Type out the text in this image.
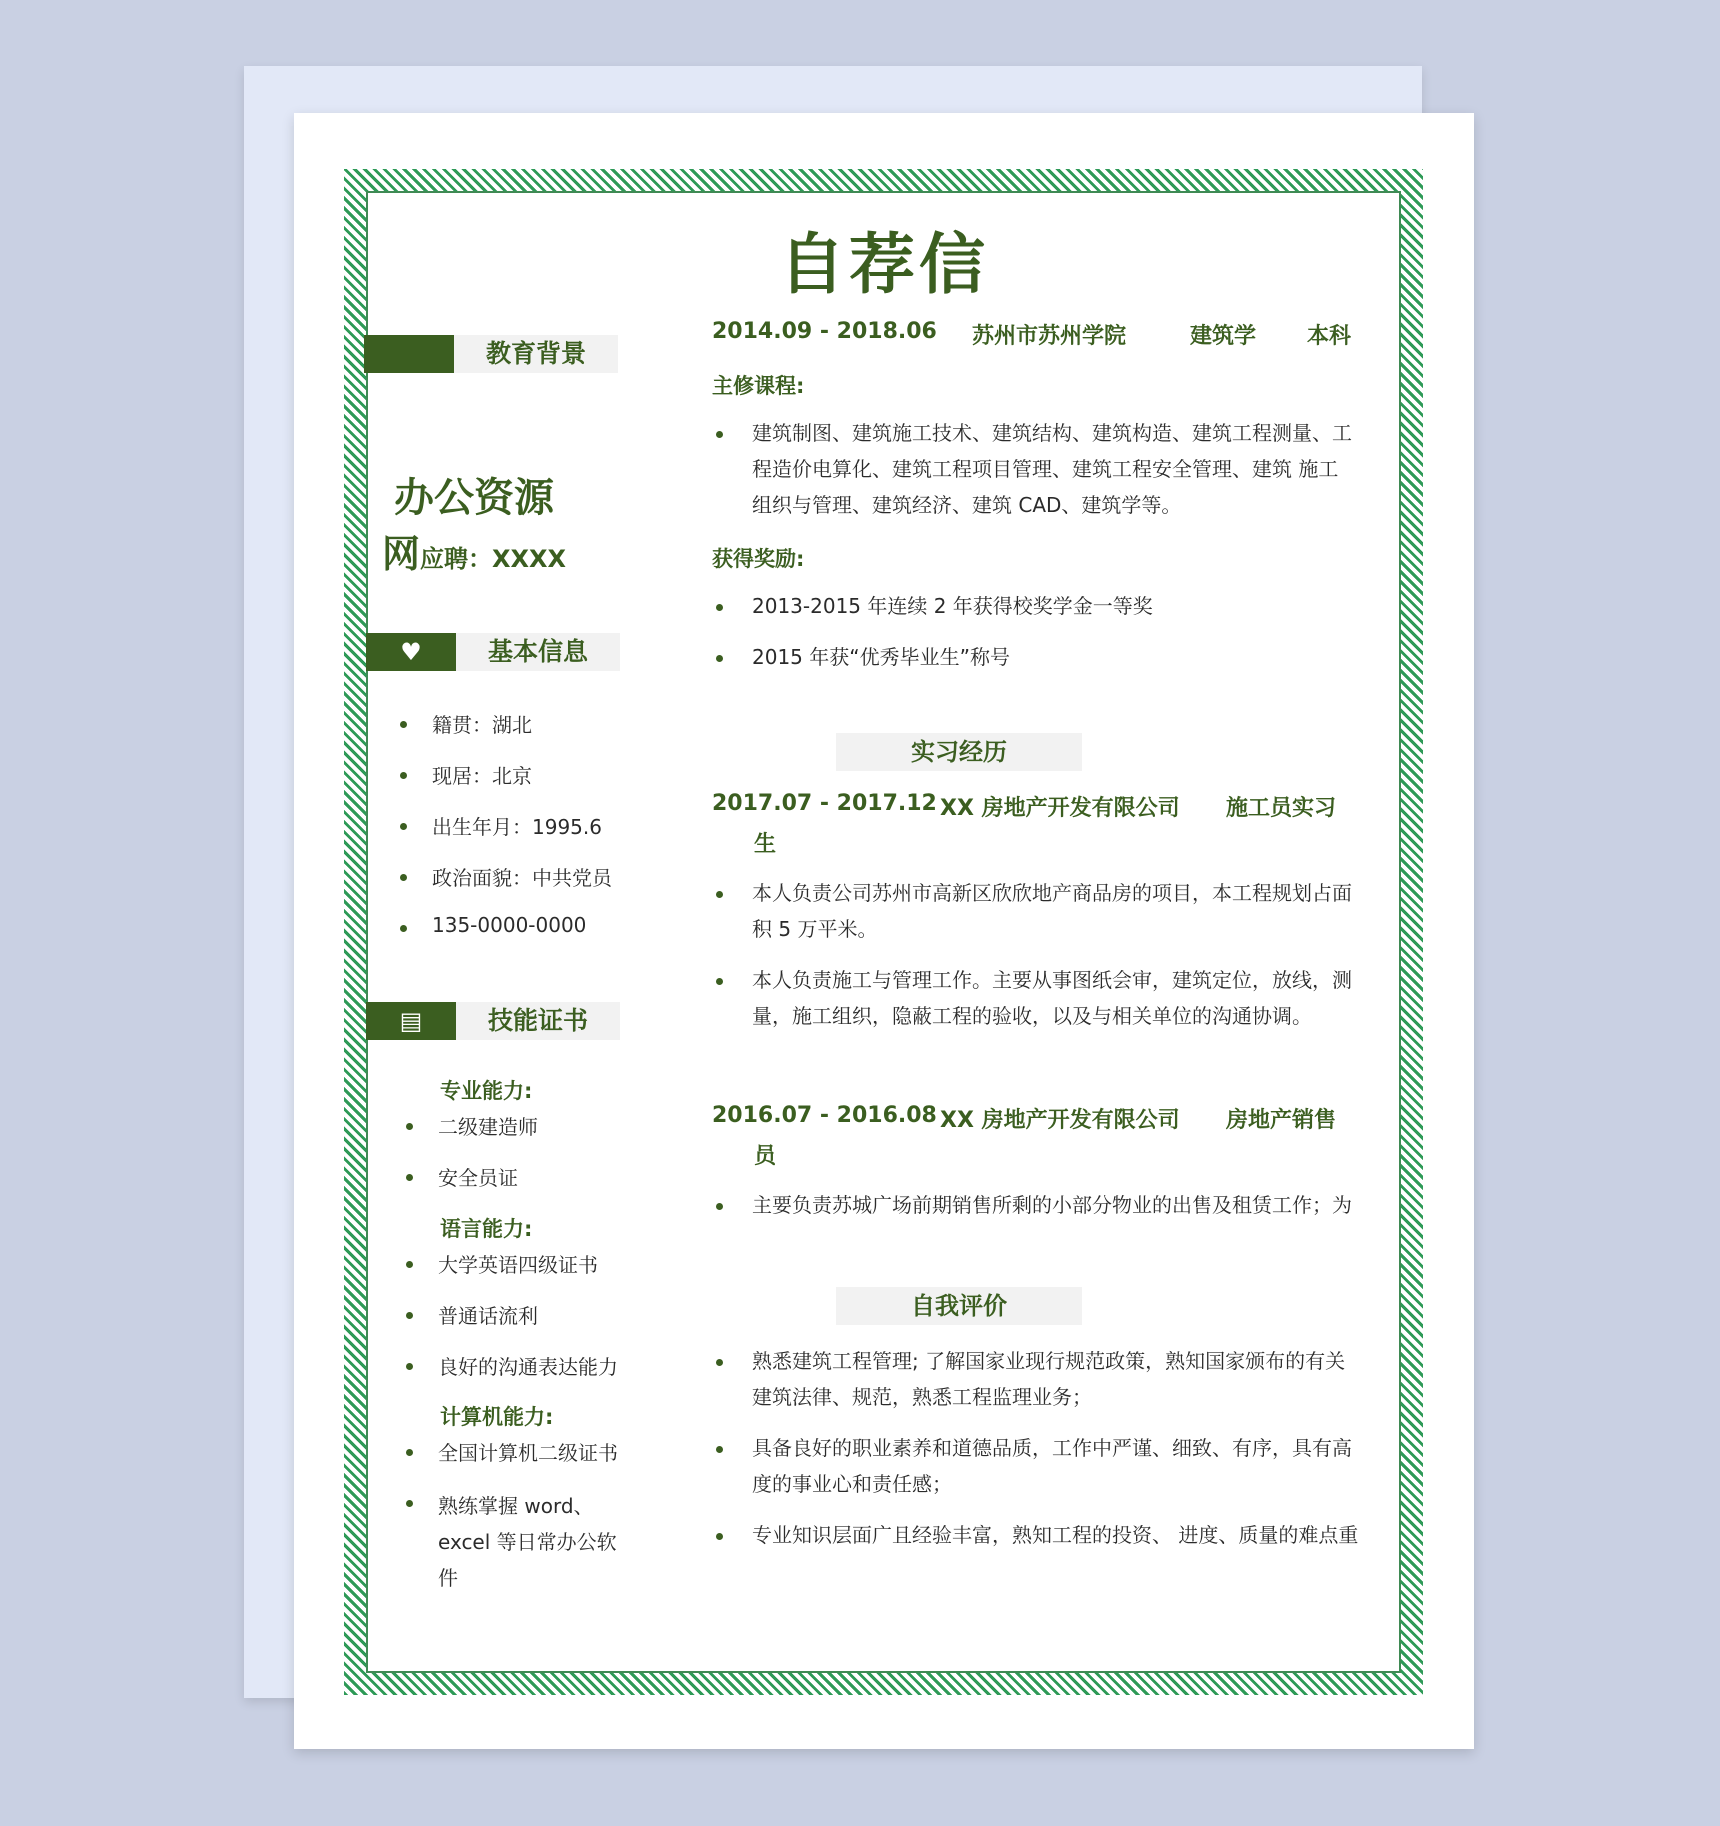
自荐信
教育背景
办公资源
网应聘：XXXX
♥	基本信息
籍贯：湖北
现居：北京
出生年月：1995.6
政治面貌：中共党员
135-0000-0000
▤	技能证书
专业能力:
二级建造师
安全员证
语言能力:
大学英语四级证书
普通话流利
良好的沟通表达能力
计算机能力:
全国计算机二级证书
熟练掌握 word、excel 等日常办公软件
2014.09 - 2018.06 苏州市苏州学院	建筑学 本科
主修课程:
建筑制图、建筑施工技术、建筑结构、建筑构造、建筑工程测量、工程造价电算化、建筑工程项目管理、建筑工程安全管理、建筑 施工组织与管理、建筑经济、建筑 CAD、建筑学等。
获得奖励:
2013-2015 年连续 2 年获得校奖学金一等奖
2015 年获“优秀毕业生”称号
实习经历
2017.07 - 2017.12 XX 房地产开发有限公司 施工员实习
生
本人负责公司苏州市高新区欣欣地产商品房的项目，本工程规划占面积 5 万平米。
本人负责施工与管理工作。主要从事图纸会审，建筑定位，放线，测量，施工组织，隐蔽工程的验收，以及与相关单位的沟通协调。
2016.07 - 2016.08 XX 房地产开发有限公司 房地产销售
员
主要负责苏城广场前期销售所剩的小部分物业的出售及租赁工作；为
自我评价
熟悉建筑工程管理; 了解国家业现行规范政策，熟知国家颁布的有关建筑法律、规范，熟悉工程监理业务；
具备良好的职业素养和道德品质，工作中严谨、细致、有序，具有高度的事业心和责任感；
专业知识层面广且经验丰富，熟知工程的投资、 进度、质量的难点重
